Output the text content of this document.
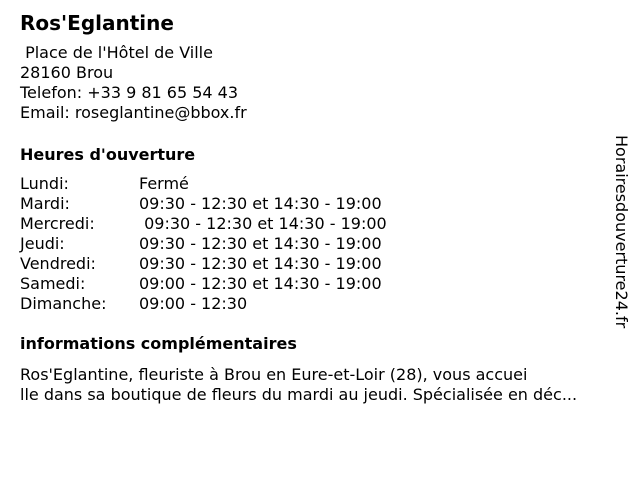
Ros'Eglantine
Place de l'Hôtel de Ville
28160 Brou
Telefon: +33 9 81 65 54 43
Email: roseglantine@bbox.fr
Heures d'ouverture
Lundi:	Fermé
Mardi:	09:30 - 12:30 et 14:30 - 19:00
Mercredi:	09:30 - 12:30 et 14:30 - 19:00
Jeudi:	09:30 - 12:30 et 14:30 - 19:00
Vendredi:	09:30 - 12:30 et 14:30 - 19:00
Samedi:	09:00 - 12:30 et 14:30 - 19:00
Dimanche:	09:00 - 12:30
informations complémentaires
Ros'Eglantine, fleuriste à Brou en Eure-et-Loir (28), vous accuei
lle dans sa boutique de fleurs du mardi au jeudi. Spécialisée en déc...
Horairesdouverture24.fr
